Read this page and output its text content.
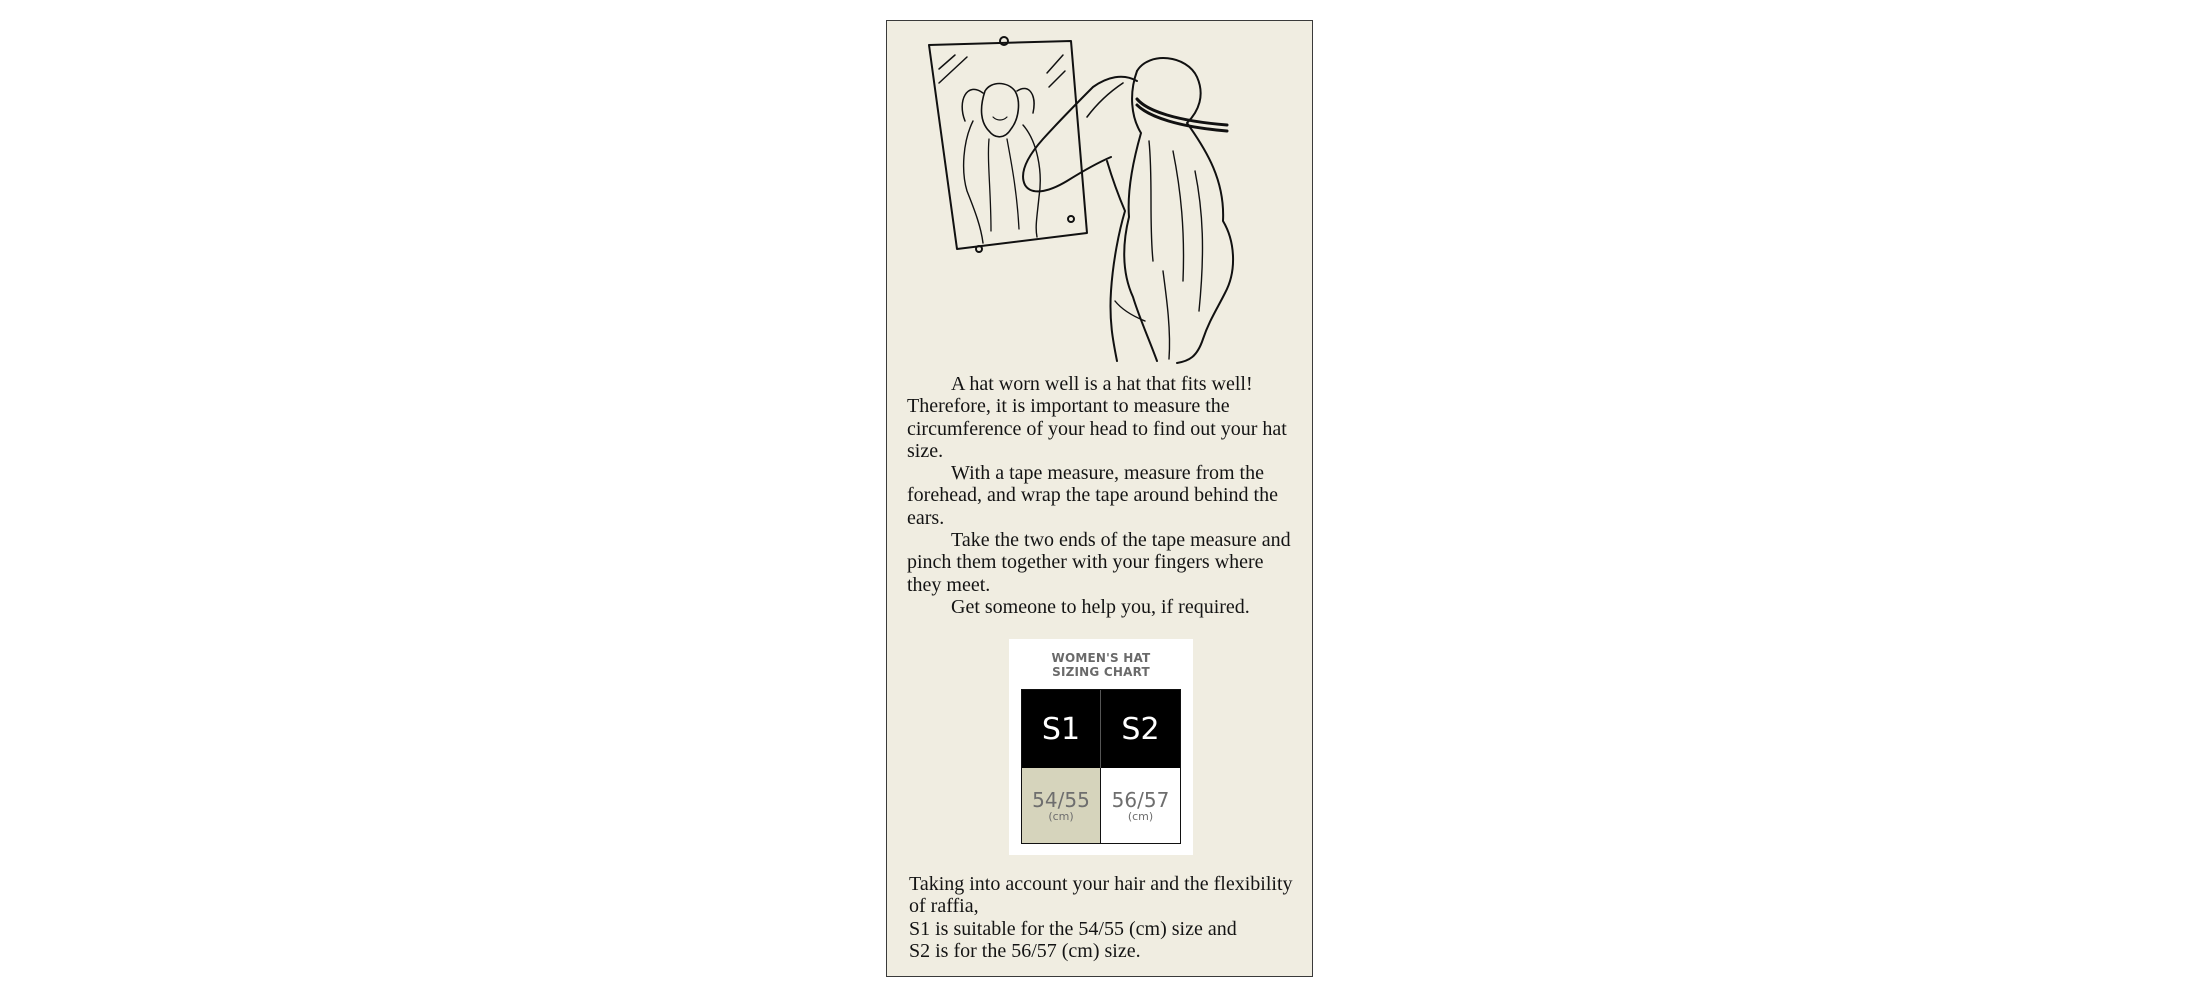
A hat worn well is a hat that fits well! Therefore, it is important to measure the circumference of your head to find out your hat size.

With a tape measure, measure from the forehead, and wrap the tape around behind the ears.

Take the two ends of the tape measure and pinch them together with your fingers where they meet.

Get someone to help you, if required.

WOMEN'S HAT
SIZING CHART
S1	S2
54/55
(cm)
56/57
(cm)

Taking into account your hair and the flexibility of raffia,

S1 is suitable for the 54/55 (cm) size and

S2 is for the 56/57 (cm) size.
